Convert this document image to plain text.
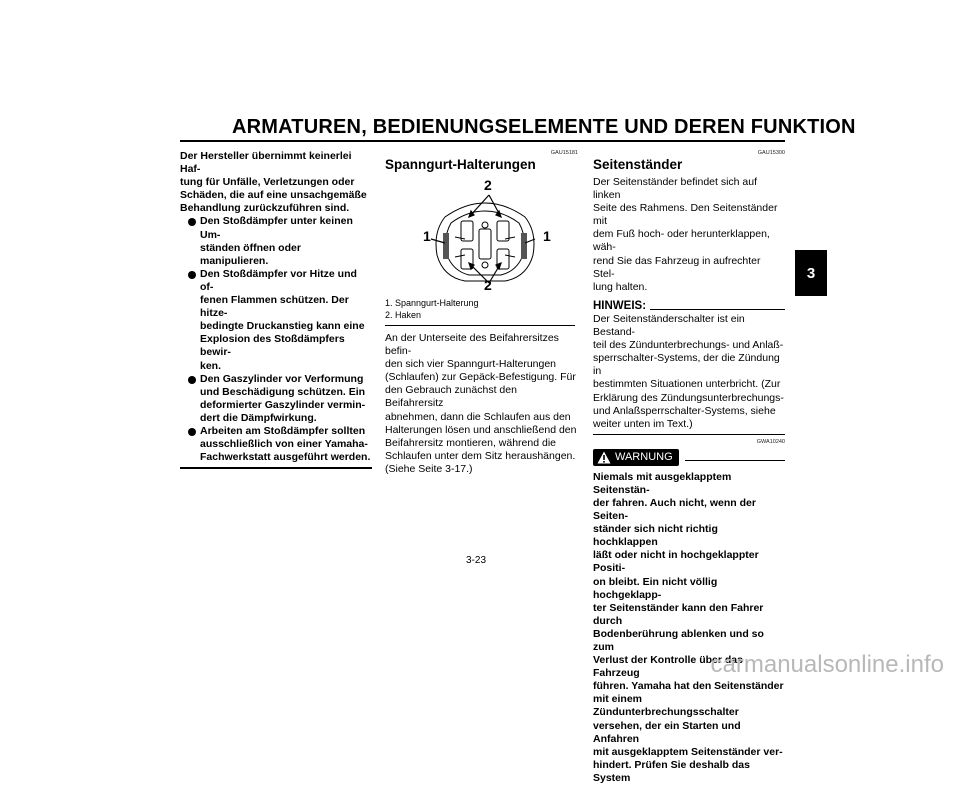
ARMATUREN, BEDIENUNGSELEMENTE UND DEREN FUNKTION
3
Der Hersteller übernimmt keinerlei Haf-
tung für Unfälle, Verletzungen oder
Schäden, die auf eine unsachgemäße
Behandlung zurückzuführen sind.
Den Stoßdämpfer unter keinen Um-
ständen öffnen oder manipulieren.
Den Stoßdämpfer vor Hitze und of-
fenen Flammen schützen. Der hitze-
bedingte Druckanstieg kann eine
Explosion des Stoßdämpfers bewir-
ken.
Den Gaszylinder vor Verformung
und Beschädigung schützen. Ein
deformierter Gaszylinder vermin-
dert die Dämpfwirkung.
Arbeiten am Stoßdämpfer sollten
ausschließlich von einer Yamaha-
Fachwerkstatt ausgeführt werden.
GAU15181
Spanngurt-Halterungen
2
2
1	1
1. Spanngurt-Halterung
2. Haken
An der Unterseite des Beifahrersitzes befin-
den sich vier Spanngurt-Halterungen
(Schlaufen) zur Gepäck-Befestigung. Für
den Gebrauch zunächst den Beifahrersitz
abnehmen, dann die Schlaufen aus den
Halterungen lösen und anschließend den
Beifahrersitz montieren, während die
Schlaufen unter dem Sitz heraushängen.
(Siehe Seite 3-17.)
GAU15300
Seitenständer
Der Seitenständer befindet sich auf linken
Seite des Rahmens. Den Seitenständer mit
dem Fuß hoch- oder herunterklappen, wäh-
rend Sie das Fahrzeug in aufrechter Stel-
lung halten.
HINWEIS:
Der Seitenständerschalter ist ein Bestand-
teil des Zündunterbrechungs- und Anlaß-
sperrschalter-Systems, der die Zündung in
bestimmten Situationen unterbricht. (Zur
Erklärung des Zündungsunterbrechungs-
und Anlaßsperrschalter-Systems, siehe
weiter unten im Text.)
GWA10240
WARNUNG
Niemals mit ausgeklapptem Seitenstän-
der fahren. Auch nicht, wenn der Seiten-
ständer sich nicht richtig hochklappen
läßt oder nicht in hochgeklappter Positi-
on bleibt. Ein nicht völlig hochgeklapp-
ter Seitenständer kann den Fahrer durch
Bodenberührung ablenken und so zum
Verlust der Kontrolle über das Fahrzeug
führen. Yamaha hat den Seitenständer
mit einem Zündunterbrechungsschalter
versehen, der ein Starten und Anfahren
mit ausgeklapptem Seitenständer ver-
hindert. Prüfen Sie deshalb das System
3-23
carmanualsonline.info
